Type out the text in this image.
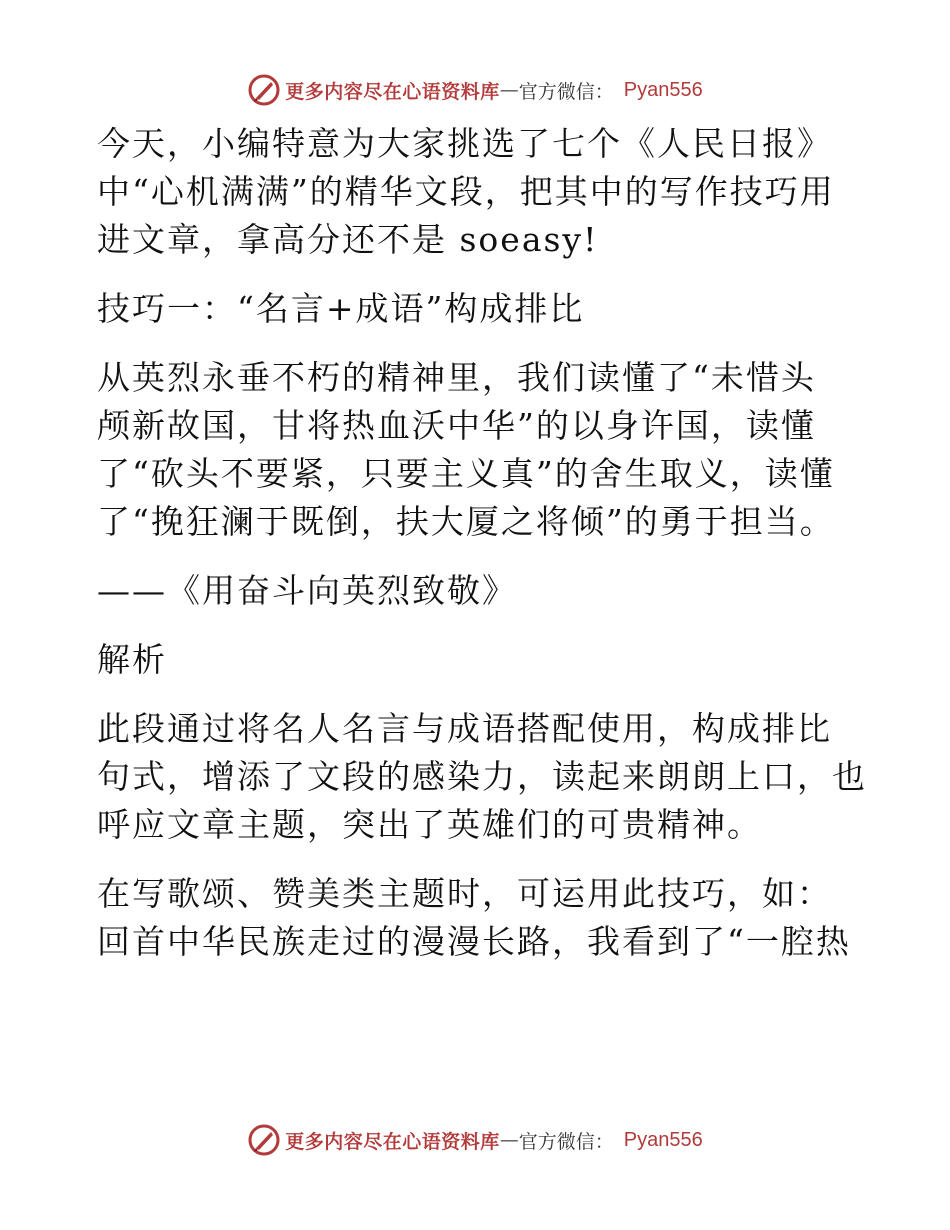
更多内容尽在心语资料库 — 官方微信： Pyan556

今天，小编特意为大家挑选了七个《人民日报》
中“心机满满”的精华文段，把其中的写作技巧用
进文章，拿高分还不是 soeasy!

技巧一：“名言+成语”构成排比

从英烈永垂不朽的精神里，我们读懂了“未惜头
颅新故国，甘将热血沃中华”的以身许国，读懂
了“砍头不要紧，只要主义真”的舍生取义，读懂
了“挽狂澜于既倒，扶大厦之将倾”的勇于担当。

——《用奋斗向英烈致敬》

解析

此段通过将名人名言与成语搭配使用，构成排比
句式，增添了文段的感染力，读起来朗朗上口，也
呼应文章主题，突出了英雄们的可贵精神。

在写歌颂、赞美类主题时，可运用此技巧，如：
回首中华民族走过的漫漫长路，我看到了“一腔热

更多内容尽在心语资料库 — 官方微信： Pyan556
